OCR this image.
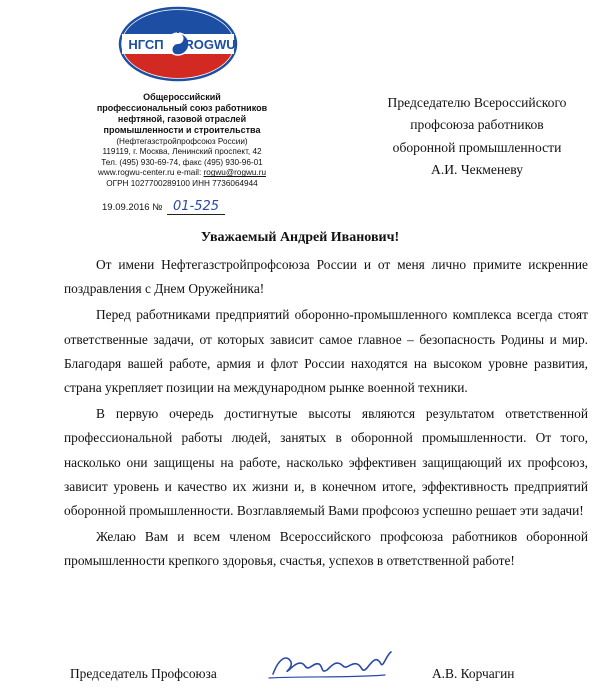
НГСП ROGWU
Общероссийский
профессиональный союз работников
нефтяной, газовой отраслей
промышленности и строительства
(Нефтегазстройпрофсоюз России)
119119, г. Москва, Ленинский проспект, 42
Тел. (495) 930-69-74, факс (495) 930-96-01
www.rogwu-center.ru e-mail: rogwu@rogwu.ru
ОГРН 1027700289100 ИНН 7736064944
19.09.2016 № 01-525
Председателю Всероссийского
профсоюза работников
оборонной промышленности
А.И. Чекменеву
Уважаемый Андрей Иванович!

От имени Нефтегазстройпрофсоюза России и от меня лично примите искренние поздравления с Днем Оружейника!

Перед работниками предприятий оборонно-промышленного комплекса всегда стоят ответственные задачи, от которых зависит самое главное – безопасность Родины и мир. Благодаря вашей работе, армия и флот России находятся на высоком уровне развития, страна укрепляет позиции на международном рынке военной техники.

В первую очередь достигнутые высоты являются результатом ответственной профессиональной работы людей, занятых в оборонной промышленности. От того, насколько они защищены на работе, насколько эффективен защищающий их профсоюз, зависит уровень и качество их жизни и, в конечном итоге, эффективность предприятий оборонной промышленности. Возглавляемый Вами профсоюз успешно решает эти задачи!

Желаю Вам и всем членом Всероссийского профсоюза работников оборонной промышленности крепкого здоровья, счастья, успехов в ответственной работе!

Председатель Профсоюза	А.В. Корчагин
